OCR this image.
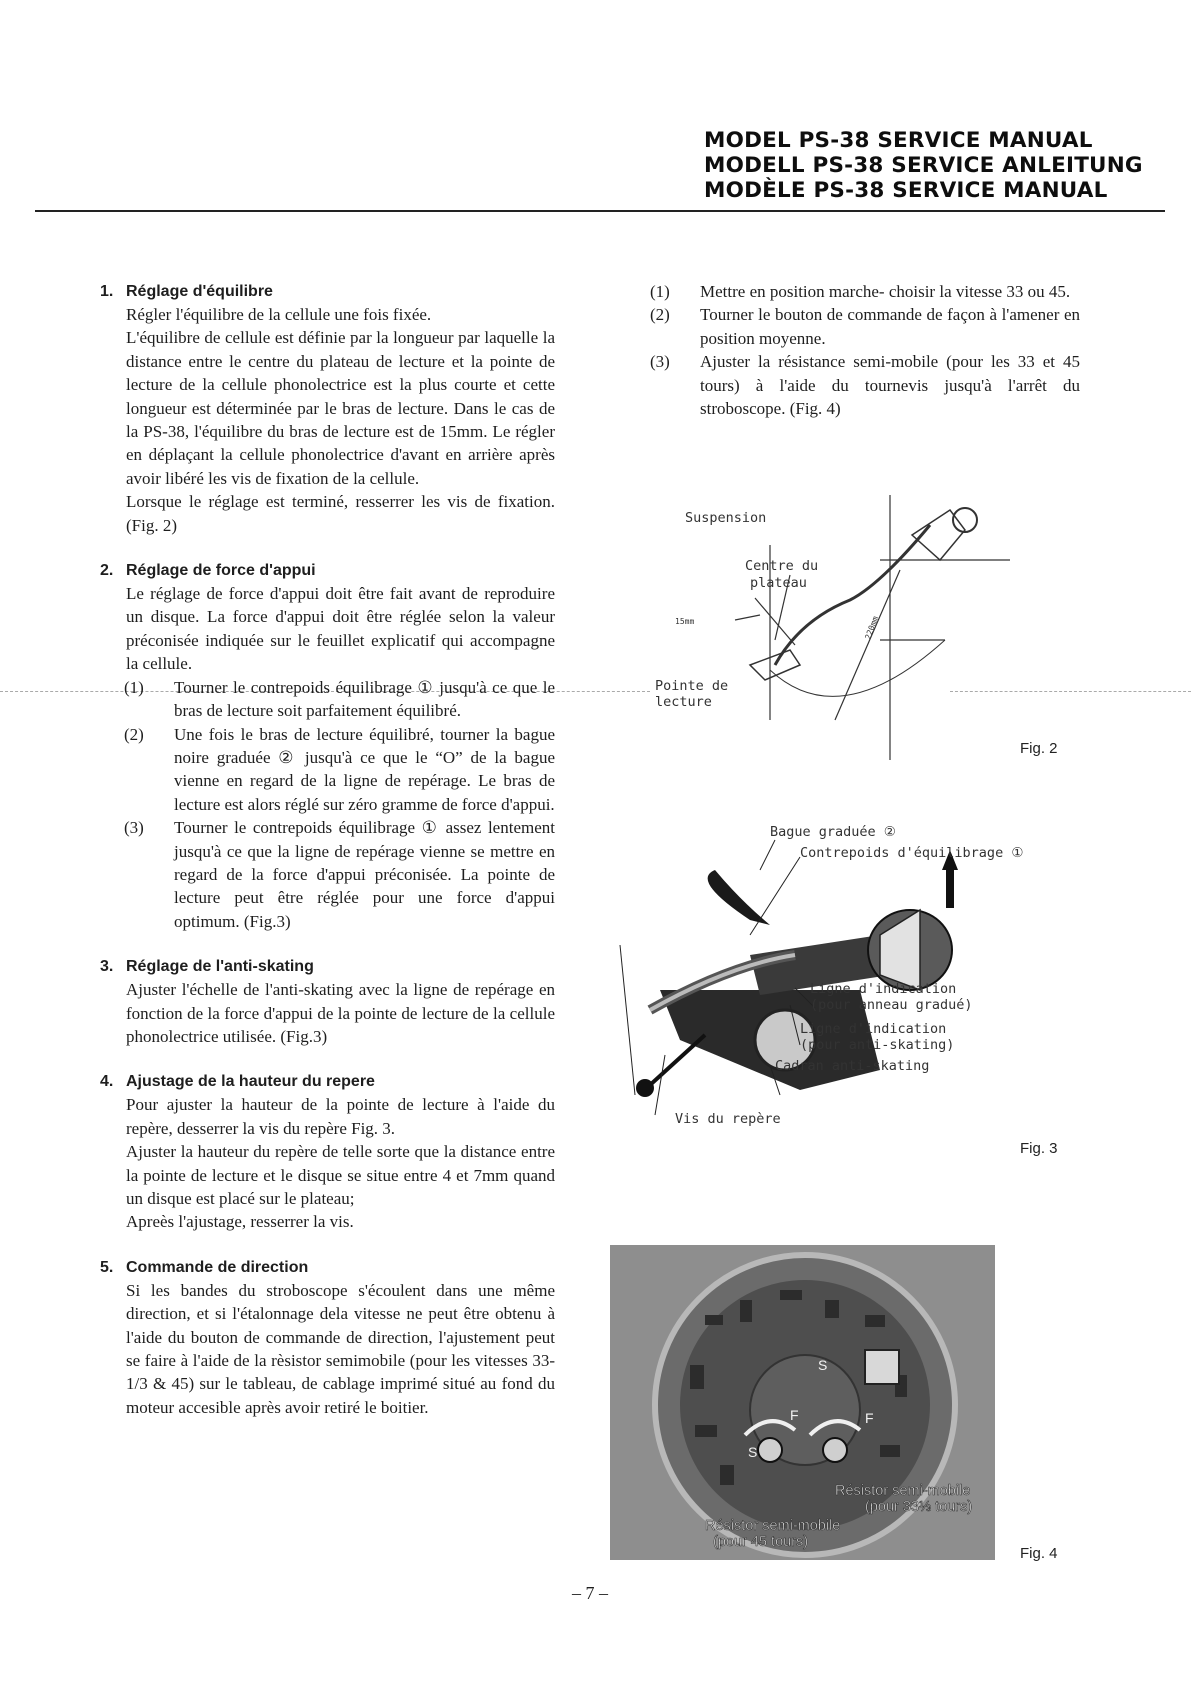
MODEL PS-38 SERVICE MANUAL
MODELL PS-38 SERVICE ANLEITUNG
MODÈLE PS-38 SERVICE MANUAL
1. Réglage d'équilibre

Régler l'équilibre de la cellule une fois fixée.

L'équilibre de cellule est définie par la longueur par laquelle la distance entre le centre du plateau de lecture et la pointe de lecture de la cellule phonolectrice est la plus courte et cette longueur est déterminée par le bras de lecture. Dans le cas de la PS-38, l'équilibre du bras de lecture est de 15mm. Le régler en déplaçant la cellule phonolectrice d'avant en arrière après avoir libéré les vis de fixation de la cellule.

Lorsque le réglage est terminé, resserrer les vis de fixation. (Fig. 2)

2. Réglage de force d'appui

Le réglage de force d'appui doit être fait avant de reproduire un disque. La force d'appui doit être réglée selon la valeur préconisée indiquée sur le feuillet explicatif qui accompagne la cellule.

(1)	Tourner le contrepoids équilibrage ① jusqu'à ce que le bras de lecture soit parfaitement équilibré.
(2)	Une fois le bras de lecture équilibré, tourner la bague noire graduée ② jusqu'à ce que le “O” de la bague vienne en regard de la ligne de repérage. Le bras de lecture est alors réglé sur zéro gramme de force d'appui.
(3)	Tourner le contrepoids équilibrage ① assez lentement jusqu'à ce que la ligne de repérage vienne se mettre en regard de la force d'appui préconisée. La pointe de lecture peut être réglée pour une force d'appui optimum. (Fig.3)
3. Réglage de l'anti-skating

Ajuster l'échelle de l'anti-skating avec la ligne de repérage en fonction de la force d'appui de la pointe de lecture de la cellule phonolectrice utilisée. (Fig.3)

4. Ajustage de la hauteur du repere

Pour ajuster la hauteur de la pointe de lecture à l'aide du repère, desserrer la vis du repère Fig. 3.

Ajuster la hauteur du repère de telle sorte que la distance entre la pointe de lecture et le disque se situe entre 4 et 7mm quand un disque est placé sur le plateau;

Apreès l'ajustage, resserrer la vis.

5. Commande de direction

Si les bandes du stroboscope s'écoulent dans une même direction, et si l'étalonnage dela vitesse ne peut être obtenu à l'aide du bouton de commande de direction, l'ajustement peut se faire à l'aide de la rèsistor semimobile (pour les vitesses 33-1/3 & 45) sur le tableau, de cablage imprimé situé au fond du moteur accesible après avoir retiré le boitier.

(1)	Mettre en position marche- choisir la vitesse 33 ou 45.
(2)	Tourner le bouton de commande de façon à l'amener en position moyenne.
(3)	Ajuster la résistance semi-mobile (pour les 33 et 45 tours) à l'aide du tournevis jusqu'à l'arrêt du stroboscope. (Fig. 4)
Suspension
Centre du
plateau
15mm	220mm
Pointe de
lecture
Fig. 2
Bague graduée ②
Contrepoids d'équilibrage ①
Ligne d'indication
(pour anneau gradué)
Ligne d'indication
(pour anti-skating)
Cadran anti-skating
Vis du repère
Fig. 3
F
S
F
S
Résistor semi-mobile
(pour 33⅓ tours)
Résistor semi-mobile
(pour 45 tours)
Fig. 4
– 7 –
